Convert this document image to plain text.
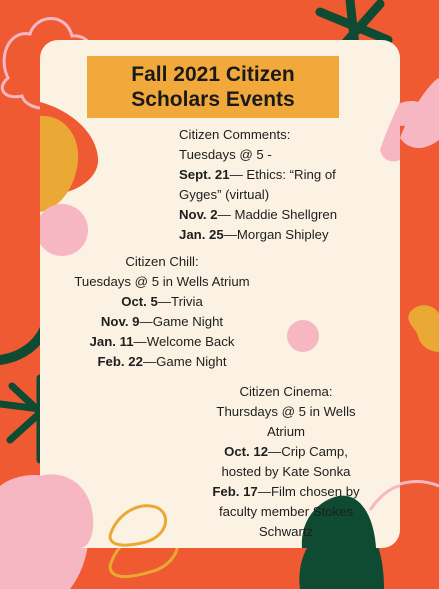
Fall 2021 Citizen
Scholars Events
Citizen Comments:
Tuesdays @ 5 -
Sept. 21— Ethics: “Ring of
Gyges” (virtual)
Nov. 2— Maddie Shellgren
Jan. 25—Morgan Shipley
Citizen Chill:
Tuesdays @ 5 in Wells Atrium
Oct. 5—Trivia
Nov. 9—Game Night
Jan. 11—Welcome Back
Feb. 22—Game Night
Citizen Cinema:
Thursdays @ 5 in Wells
Atrium
Oct. 12—Crip Camp,
hosted by Kate Sonka
Feb. 17—Film chosen by
faculty member Stokes
Schwartz
